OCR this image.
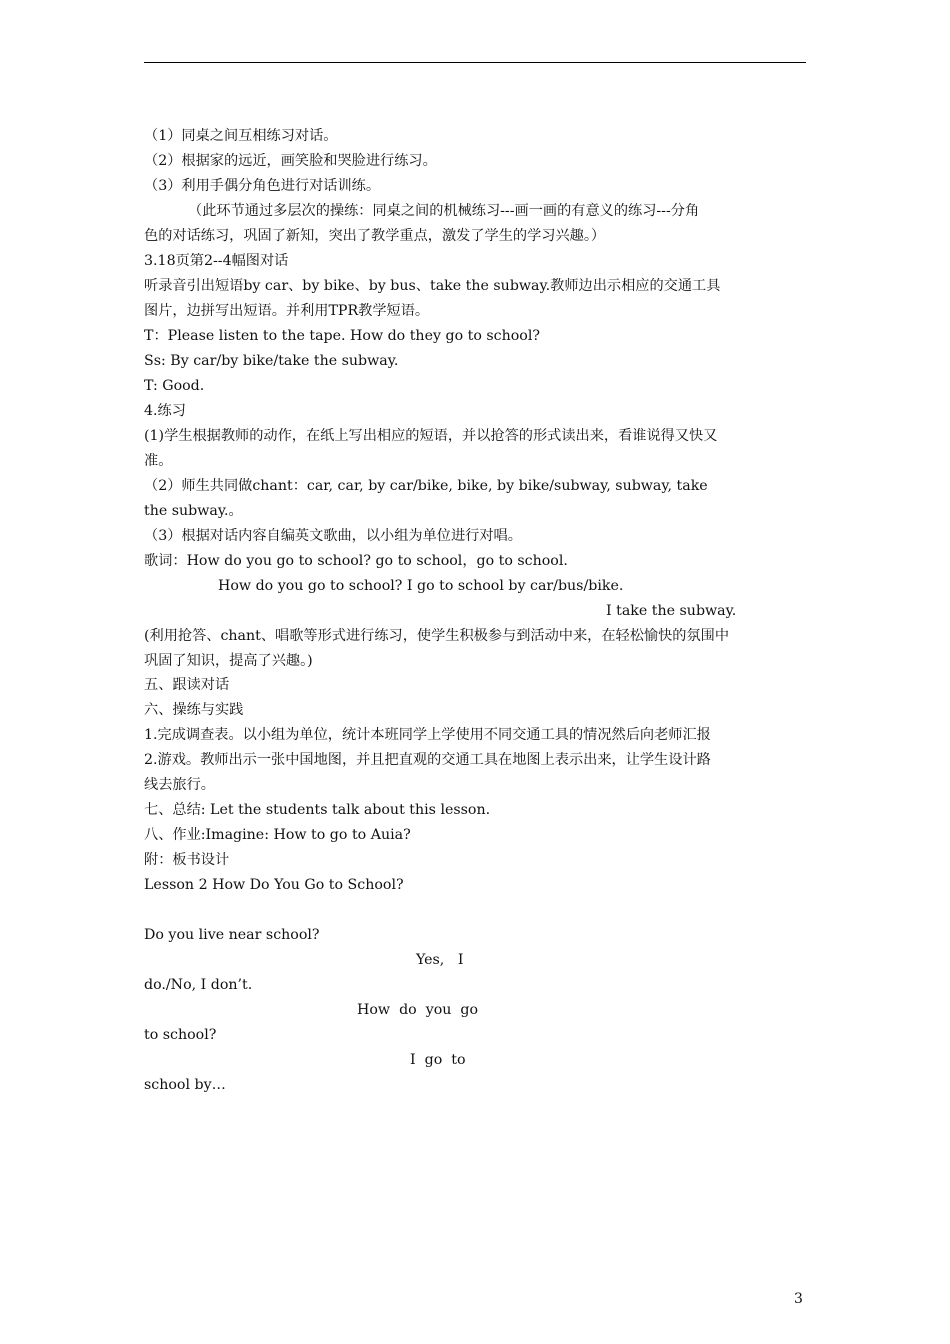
（1）同桌之间互相练习对话。
（2）根据家的远近，画笑脸和哭脸进行练习。
（3）利用手偶分角色进行对话训练。
（此环节通过多层次的操练：同桌之间的机械练习---画一画的有意义的练习---分角
色的对话练习，巩固了新知，突出了教学重点，激发了学生的学习兴趣。）
3.18页第2--4幅图对话
听录音引出短语by car、by bike、by bus、take the subway.教师边出示相应的交通工具
图片，边拼写出短语。并利用TPR教学短语。
T：Please listen to the tape. How do they go to school?
Ss: By car/by bike/take the subway.
T: Good.
4.练习
(1)学生根据教师的动作，在纸上写出相应的短语，并以抢答的形式读出来，看谁说得又快又
准。
（2）师生共同做chant：car, car, by car/bike, bike, by bike/subway, subway, take
the subway.。
（3）根据对话内容自编英文歌曲，以小组为单位进行对唱。
歌词：How do you go to school? go to school，go to school.
How do you go to school? I go to school by car/bus/bike.
I take the subway.
(利用抢答、chant、唱歌等形式进行练习，使学生积极参与到活动中来，在轻松愉快的氛围中
巩固了知识，提高了兴趣。)
五、跟读对话
六、操练与实践
1.完成调查表。以小组为单位，统计本班同学上学使用不同交通工具的情况然后向老师汇报
2.游戏。教师出示一张中国地图，并且把直观的交通工具在地图上表示出来，让学生设计路
线去旅行。
七、总结: Let the students talk about this lesson.
八、作业:Imagine: How to go to Auia?
附：板书设计
Lesson 2 How Do You Go to School?
Do you live near school?
Yes,   I
do./No, I don’t.
How  do  you  go
to school?
I  go  to
school by…
3
